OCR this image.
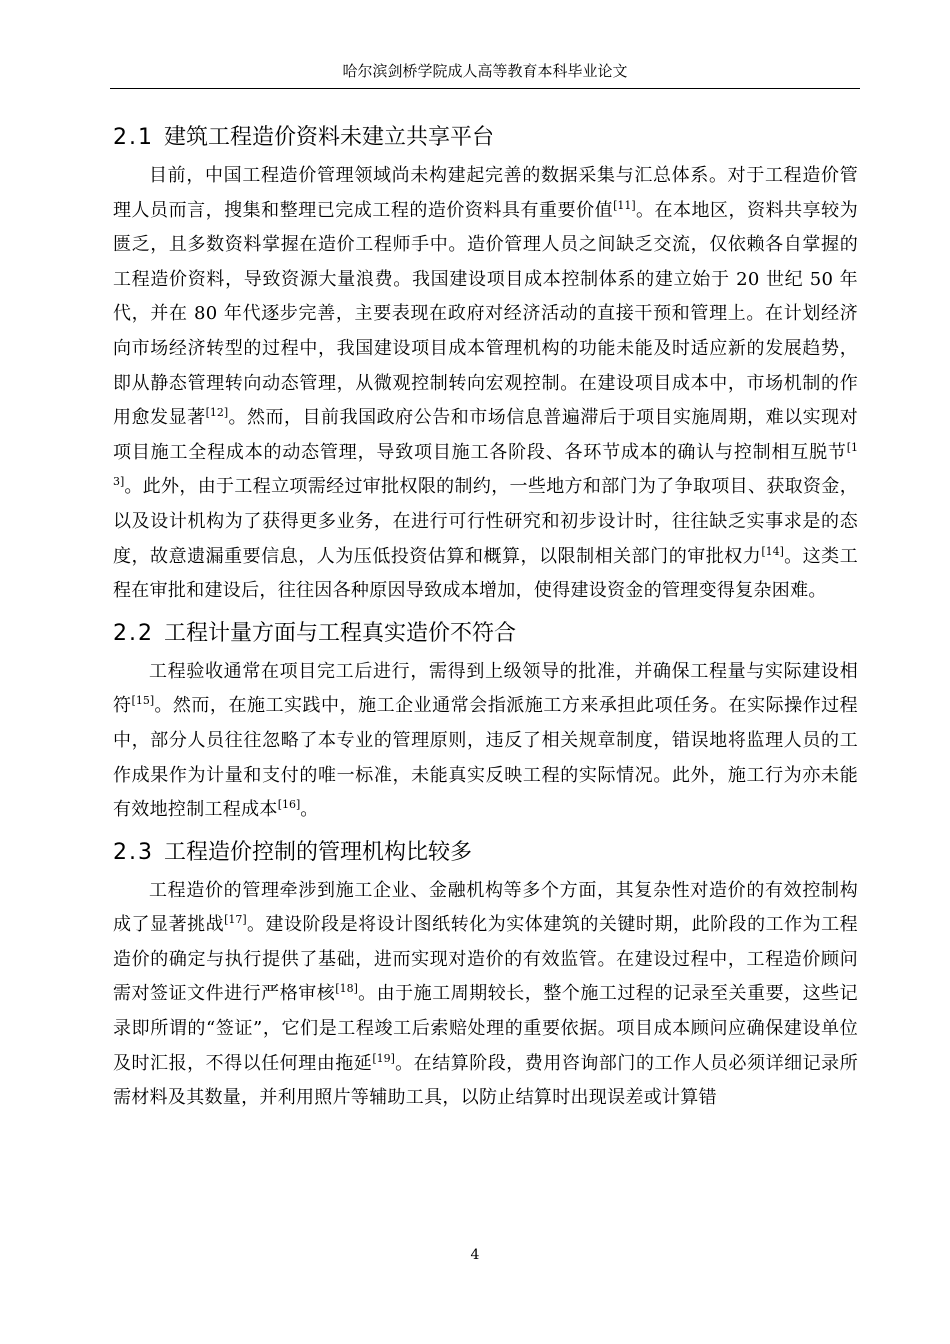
哈尔滨剑桥学院成人高等教育本科毕业论文
2.1 建筑工程造价资料未建立共享平台

目前，中国工程造价管理领域尚未构建起完善的数据采集与汇总体系。对于工程造价管理人员而言，搜集和整理已完成工程的造价资料具有重要价值[11]。在本地区，资料共享较为匮乏，且多数资料掌握在造价工程师手中。造价管理人员之间缺乏交流，仅依赖各自掌握的工程造价资料，导致资源大量浪费。我国建设项目成本控制体系的建立始于 20 世纪 50 年代，并在 80 年代逐步完善，主要表现在政府对经济活动的直接干预和管理上。在计划经济向市场经济转型的过程中，我国建设项目成本管理机构的功能未能及时适应新的发展趋势，即从静态管理转向动态管理，从微观控制转向宏观控制。在建设项目成本中，市场机制的作用愈发显著[12]。然而，目前我国政府公告和市场信息普遍滞后于项目实施周期，难以实现对项目施工全程成本的动态管理，导致项目施工各阶段、各环节成本的确认与控制相互脱节[13]。此外，由于工程立项需经过审批权限的制约，一些地方和部门为了争取项目、获取资金，以及设计机构为了获得更多业务，在进行可行性研究和初步设计时，往往缺乏实事求是的态度，故意遗漏重要信息，人为压低投资估算和概算，以限制相关部门的审批权力[14]。这类工程在审批和建设后，往往因各种原因导致成本增加，使得建设资金的管理变得复杂困难。

2.2 工程计量方面与工程真实造价不符合

工程验收通常在项目完工后进行，需得到上级领导的批准，并确保工程量与实际建设相符[15]。然而，在施工实践中，施工企业通常会指派施工方来承担此项任务。在实际操作过程中，部分人员往往忽略了本专业的管理原则，违反了相关规章制度，错误地将监理人员的工作成果作为计量和支付的唯一标准，未能真实反映工程的实际情况。此外，施工行为亦未能有效地控制工程成本[16]。

2.3 工程造价控制的管理机构比较多

工程造价的管理牵涉到施工企业、金融机构等多个方面，其复杂性对造价的有效控制构成了显著挑战[17]。建设阶段是将设计图纸转化为实体建筑的关键时期，此阶段的工作为工程造价的确定与执行提供了基础，进而实现对造价的有效监管。在建设过程中，工程造价顾问需对签证文件进行严格审核[18]。由于施工周期较长，整个施工过程的记录至关重要，这些记录即所谓的“签证”，它们是工程竣工后索赔处理的重要依据。项目成本顾问应确保建设单位及时汇报，不得以任何理由拖延[19]。在结算阶段，费用咨询部门的工作人员必须详细记录所需材料及其数量，并利用照片等辅助工具，以防止结算时出现误差或计算错

4
